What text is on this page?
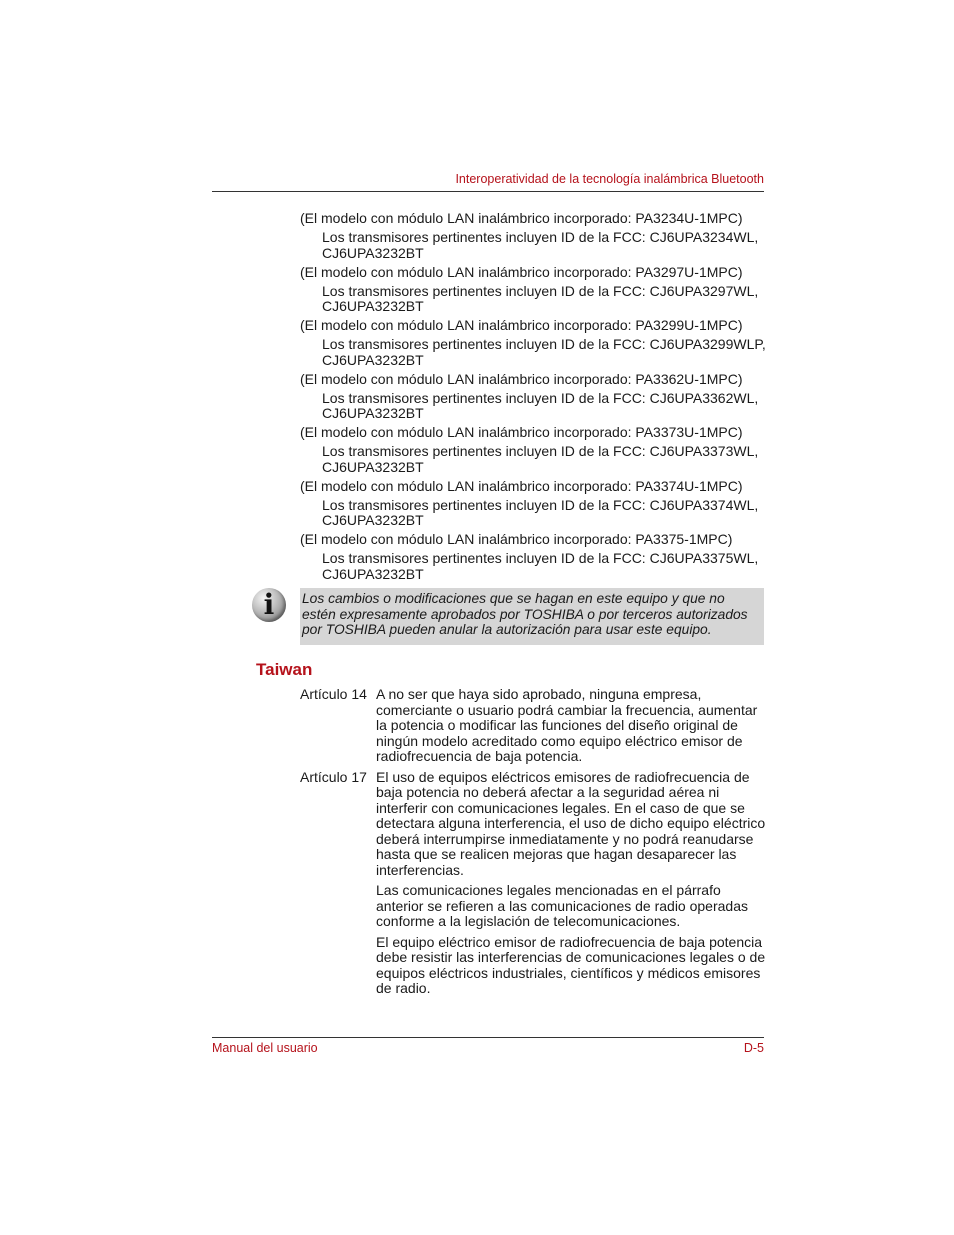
Interoperatividad de la tecnología inalámbrica Bluetooth
(El modelo con módulo LAN inalámbrico incorporado: PA3234U-1MPC)
Los transmisores pertinentes incluyen ID de la FCC: CJ6UPA3234WL, CJ6UPA3232BT
(El modelo con módulo LAN inalámbrico incorporado: PA3297U-1MPC)
Los transmisores pertinentes incluyen ID de la FCC: CJ6UPA3297WL, CJ6UPA3232BT
(El modelo con módulo LAN inalámbrico incorporado: PA3299U-1MPC)
Los transmisores pertinentes incluyen ID de la FCC: CJ6UPA3299WLP, CJ6UPA3232BT
(El modelo con módulo LAN inalámbrico incorporado: PA3362U-1MPC)
Los transmisores pertinentes incluyen ID de la FCC: CJ6UPA3362WL, CJ6UPA3232BT
(El modelo con módulo LAN inalámbrico incorporado: PA3373U-1MPC)
Los transmisores pertinentes incluyen ID de la FCC: CJ6UPA3373WL, CJ6UPA3232BT
(El modelo con módulo LAN inalámbrico incorporado: PA3374U-1MPC)
Los transmisores pertinentes incluyen ID de la FCC: CJ6UPA3374WL, CJ6UPA3232BT
(El modelo con módulo LAN inalámbrico incorporado: PA3375-1MPC)
Los transmisores pertinentes incluyen ID de la FCC: CJ6UPA3375WL, CJ6UPA3232BT
i	Los cambios o modificaciones que se hagan en este equipo y que no estén expresamente aprobados por TOSHIBA o por terceros autorizados por TOSHIBA pueden anular la autorización para usar este equipo.
Taiwan
Artículo 14 A no ser que haya sido aprobado, ninguna empresa, comerciante o usuario podrá cambiar la frecuencia, aumentar la potencia o modificar las funciones del diseño original de ningún modelo acreditado como equipo eléctrico emisor de radiofrecuencia de baja potencia.
Artículo 17 El uso de equipos eléctricos emisores de radiofrecuencia de baja potencia no deberá afectar a la seguridad aérea ni interferir con comunicaciones legales. En el caso de que se detectara alguna interferencia, el uso de dicho equipo eléctrico deberá interrumpirse inmediatamente y no podrá reanudarse hasta que se realicen mejoras que hagan desaparecer las interferencias.
Las comunicaciones legales mencionadas en el párrafo anterior se refieren a las comunicaciones de radio operadas conforme a la legislación de telecomunicaciones.
El equipo eléctrico emisor de radiofrecuencia de baja potencia debe resistir las interferencias de comunicaciones legales o de equipos eléctricos industriales, científicos y médicos emisores de radio.
Manual del usuario	D-5
